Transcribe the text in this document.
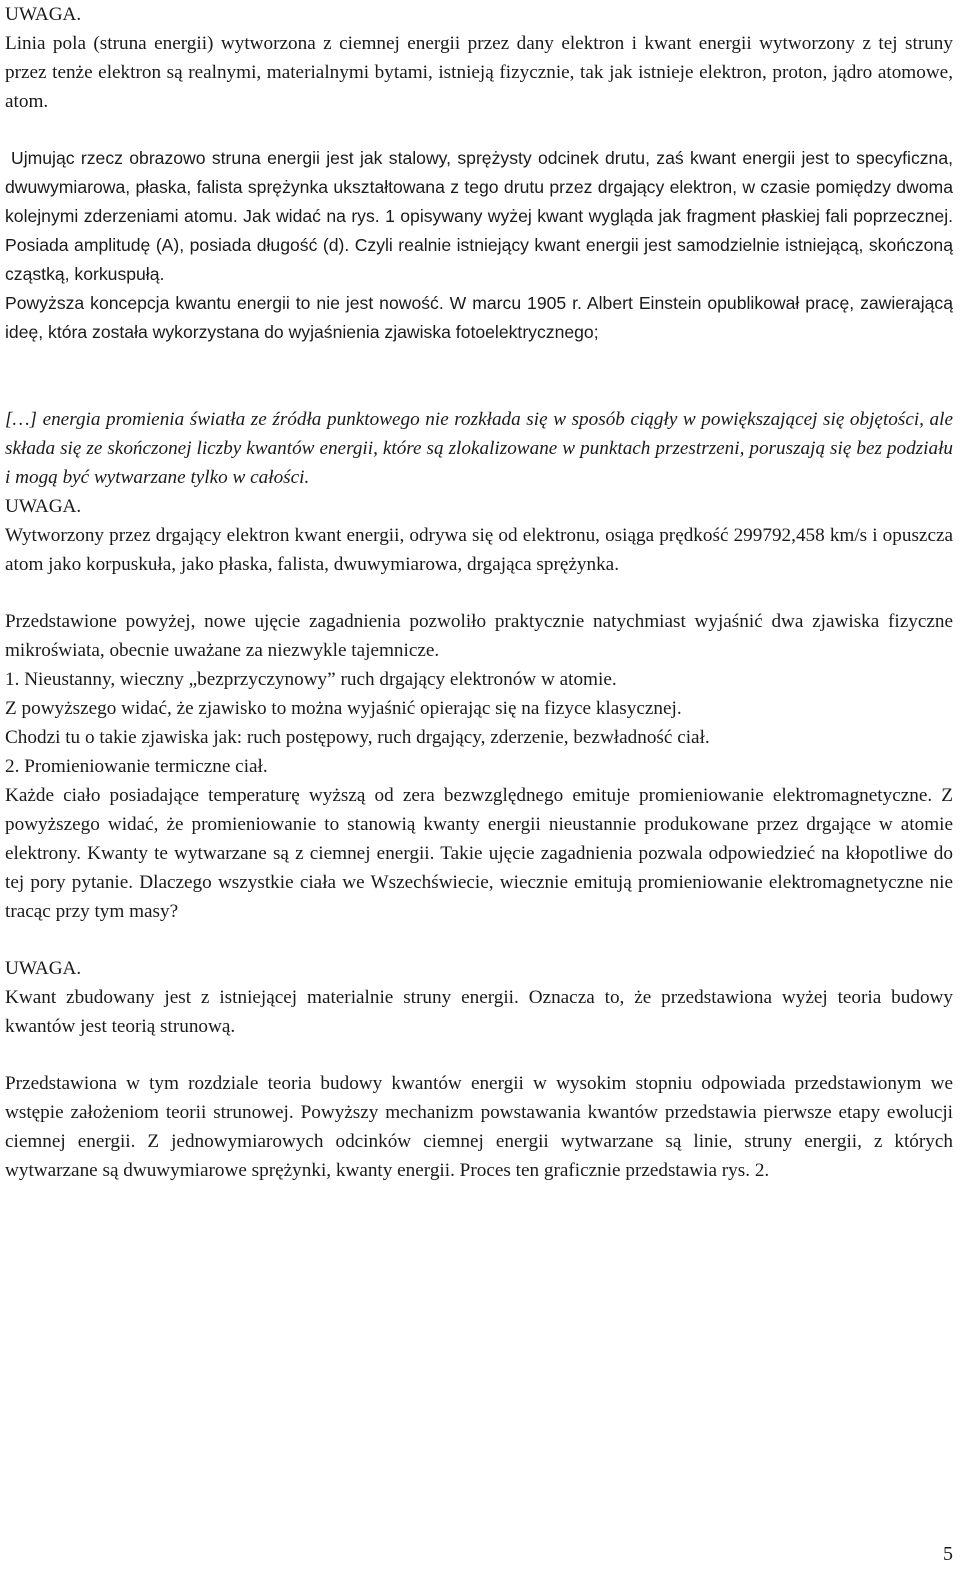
UWAGA.

Linia pola (struna energii) wytworzona z ciemnej energii przez dany elektron i kwant energii wytworzony z tej struny przez tenże elektron są realnymi, materialnymi bytami, istnieją fizycznie, tak jak istnieje elektron, proton, jądro atomowe, atom.

Ujmując rzecz obrazowo struna energii jest jak stalowy, sprężysty odcinek drutu, zaś kwant energii jest to specyficzna, dwuwymiarowa, płaska, falista sprężynka ukształtowana z tego drutu przez drgający elektron, w czasie pomiędzy dwoma kolejnymi zderzeniami atomu. Jak widać na rys. 1 opisywany wyżej kwant wygląda jak fragment płaskiej fali poprzecznej. Posiada amplitudę (A), posiada długość (d). Czyli realnie istniejący kwant energii jest samodzielnie istniejącą, skończoną cząstką, korkuspułą.

Powyższa koncepcja kwantu energii to nie jest nowość. W marcu 1905 r. Albert Einstein opublikował pracę, zawierającą ideę, która została wykorzystana do wyjaśnienia zjawiska fotoelektrycznego;

[…] energia promienia światła ze źródła punktowego nie rozkłada się w sposób ciągły w powiększającej się objętości, ale składa się ze skończonej liczby kwantów energii, które są zlokalizowane w punktach przestrzeni, poruszają się bez podziału i mogą być wytwarzane tylko w całości.

UWAGA.

Wytworzony przez drgający elektron kwant energii, odrywa się od elektronu, osiąga prędkość 299792,458 km/s i opuszcza atom jako korpuskuła, jako płaska, falista, dwuwymiarowa, drgająca sprężynka.

Przedstawione powyżej, nowe ujęcie zagadnienia pozwoliło praktycznie natychmiast wyjaśnić dwa zjawiska fizyczne mikroświata, obecnie uważane za niezwykle tajemnicze.

1. Nieustanny, wieczny „bezprzyczynowy” ruch drgający elektronów w atomie.
Z powyższego widać, że zjawisko to można wyjaśnić opierając się na fizyce klasycznej.
Chodzi tu o takie zjawiska jak: ruch postępowy, ruch drgający, zderzenie, bezwładność ciał.
2. Promieniowanie termiczne ciał.

Każde ciało posiadające temperaturę wyższą od zera bezwzględnego emituje promieniowanie elektromagnetyczne. Z powyższego widać, że promieniowanie to stanowią kwanty energii nieustannie produkowane przez drgające w atomie elektrony. Kwanty te wytwarzane są z ciemnej energii. Takie ujęcie zagadnienia pozwala odpowiedzieć na kłopotliwe do tej pory pytanie. Dlaczego wszystkie ciała we Wszechświecie, wiecznie emitują promieniowanie elektromagnetyczne nie tracąc przy tym masy?

UWAGA.

Kwant zbudowany jest z istniejącej materialnie struny energii. Oznacza to, że przedstawiona wyżej teoria budowy kwantów jest teorią strunową.

Przedstawiona w tym rozdziale teoria budowy kwantów energii w wysokim stopniu odpowiada przedstawionym we wstępie założeniom teorii strunowej. Powyższy mechanizm powstawania kwantów przedstawia pierwsze etapy ewolucji ciemnej energii. Z jednowymiarowych odcinków ciemnej energii wytwarzane są linie, struny energii, z których wytwarzane są dwuwymiarowe sprężynki, kwanty energii. Proces ten graficznie przedstawia rys. 2.

5
